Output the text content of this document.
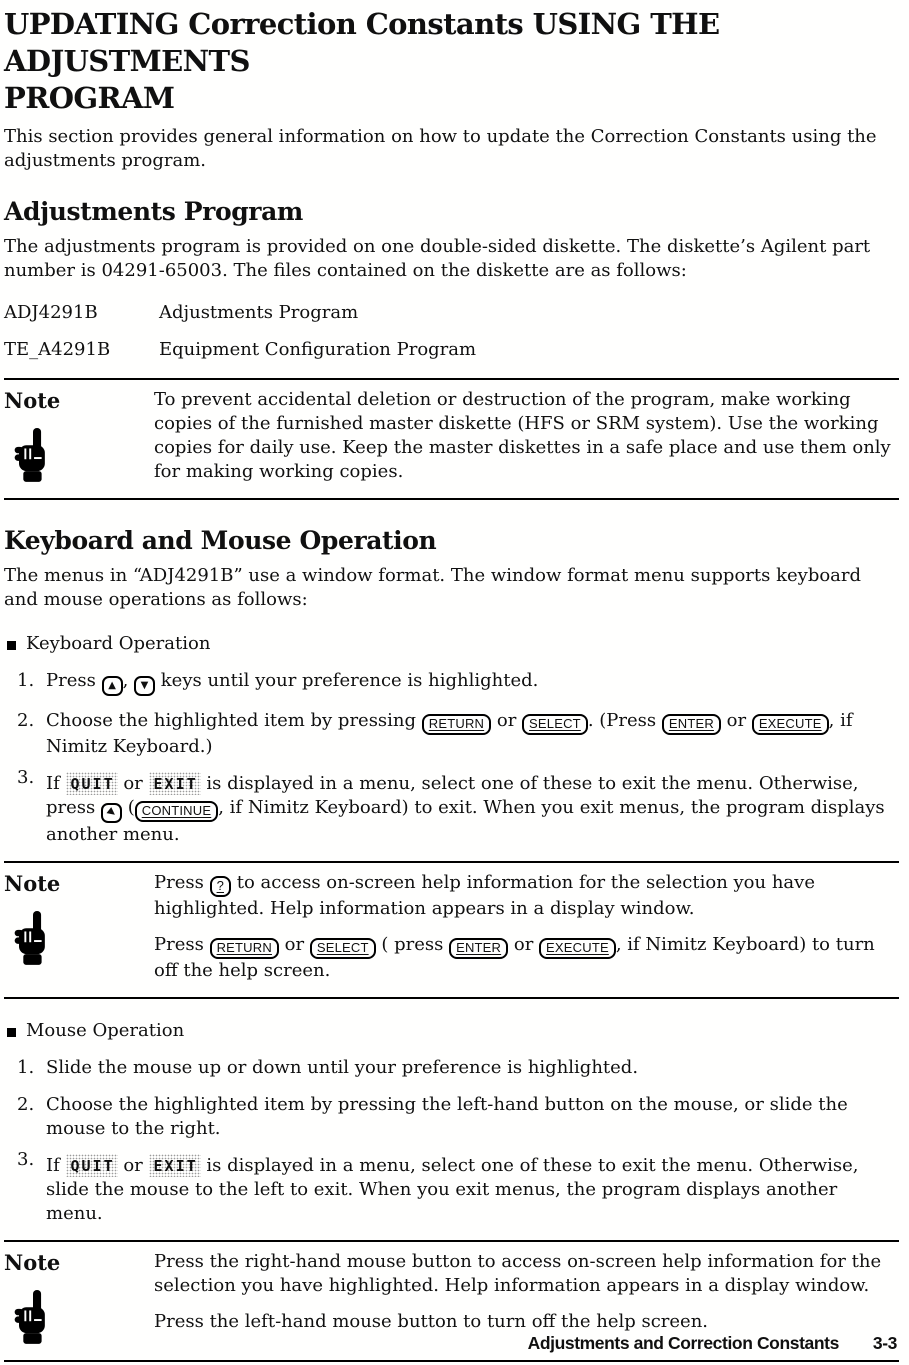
UPDATING Correction Constants USING THE ADJUSTMENTS
PROGRAM

This section provides general information on how to update the Correction Constants using the adjustments program.

Adjustments Program

The adjustments program is provided on one double-sided diskette. The diskette’s Agilent part number is 04291-65003. The files contained on the diskette are as follows:

ADJ4291B	Adjustments Program
TE_A4291B	Equipment Configuration Program
Note	To prevent accidental deletion or destruction of the program, make working copies of the furnished master diskette (HFS or SRM system). Use the working copies for daily use. Keep the master diskettes in a safe place and use them only for making working copies.

Keyboard and Mouse Operation

The menus in “ADJ4291B” use a window format. The window format menu supports keyboard and mouse operations as follows:

Keyboard Operation
1. Press ▲ , ▼ keys until your preference is highlighted.
2. Choose the highlighted item by pressing RETURN or SELECT . (Press ENTER or EXECUTE , if Nimitz Keyboard.)
3. If QUIT or EXIT is displayed in a menu, select one of these to exit the menu. Otherwise, press ▶ ( CONTINUE , if Nimitz Keyboard) to exit. When you exit menus, the program displays another menu.
Note	Press ? to access on-screen help information for the selection you have highlighted. Help information appears in a display window.

Press RETURN or SELECT ( press ENTER or EXECUTE , if Nimitz Keyboard) to turn off the help screen.

Mouse Operation
1. Slide the mouse up or down until your preference is highlighted.
2. Choose the highlighted item by pressing the left-hand button on the mouse, or slide the mouse to the right.
3. If QUIT or EXIT is displayed in a menu, select one of these to exit the menu. Otherwise, slide the mouse to the left to exit. When you exit menus, the program displays another menu.
Note	Press the right-hand mouse button to access on-screen help information for the selection you have highlighted. Help information appears in a display window.

Press the left-hand mouse button to turn off the help screen.

Adjustments and Correction Constants 3-3
